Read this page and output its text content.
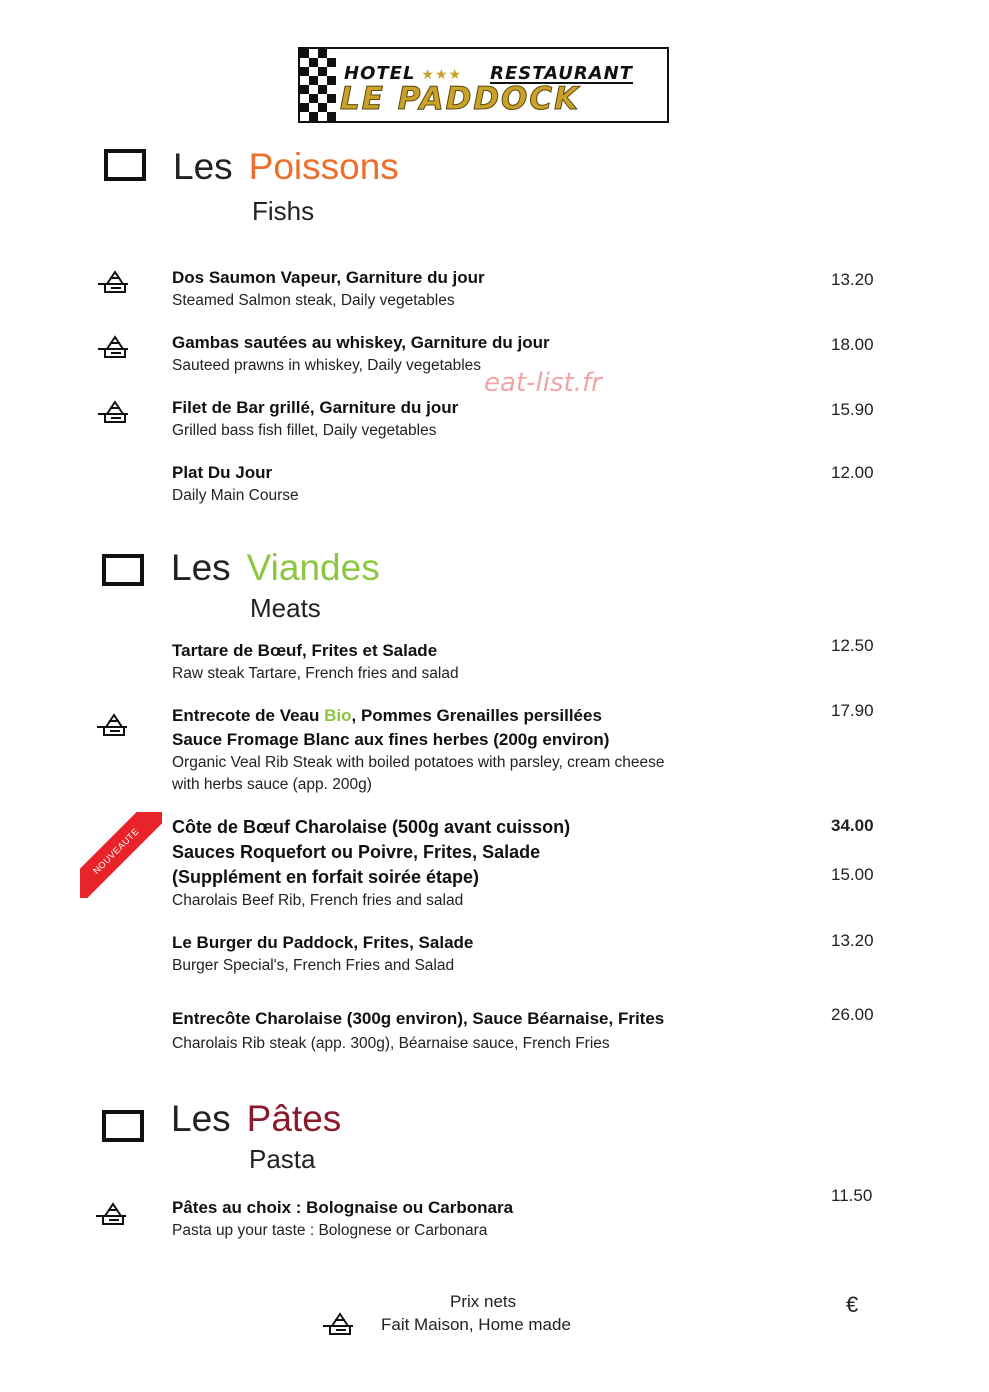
HOTEL ★★★ RESTAURANT
LE PADDOCK
Les Poissons
Fishs
Dos Saumon Vapeur, Garniture du jour
Steamed Salmon steak, Daily vegetables
13.20
Gambas sautées au whiskey, Garniture du jour
Sauteed prawns in whiskey, Daily vegetables
18.00
eat-list.fr
Filet de Bar grillé, Garniture du jour
Grilled bass fish fillet, Daily vegetables
15.90
Plat Du Jour
Daily Main Course
12.00
Les Viandes
Meats
Tartare de Bœuf, Frites et Salade
Raw steak Tartare, French fries and salad
12.50
Entrecote de Veau Bio, Pommes Grenailles persillées
Sauce Fromage Blanc aux fines herbes (200g environ)
Organic Veal Rib Steak with boiled potatoes with parsley, cream cheese
with herbs sauce (app. 200g)
17.90
NOUVEAUTE	Côte de Bœuf Charolaise (500g avant cuisson)
Sauces Roquefort ou Poivre, Frites, Salade
(Supplément en forfait soirée étape)
Charolais Beef Rib, French fries and salad
34.00
15.00
Le Burger du Paddock, Frites, Salade
Burger Special's, French Fries and Salad
13.20
Entrecôte Charolaise (300g environ), Sauce Béarnaise, Frites
Charolais Rib steak (app. 300g), Béarnaise sauce, French Fries
26.00
Les Pâtes
Pasta
Pâtes au choix : Bolognaise ou Carbonara
Pasta up your taste : Bolognese or Carbonara
11.50
Prix nets
Fait Maison, Home made
€
